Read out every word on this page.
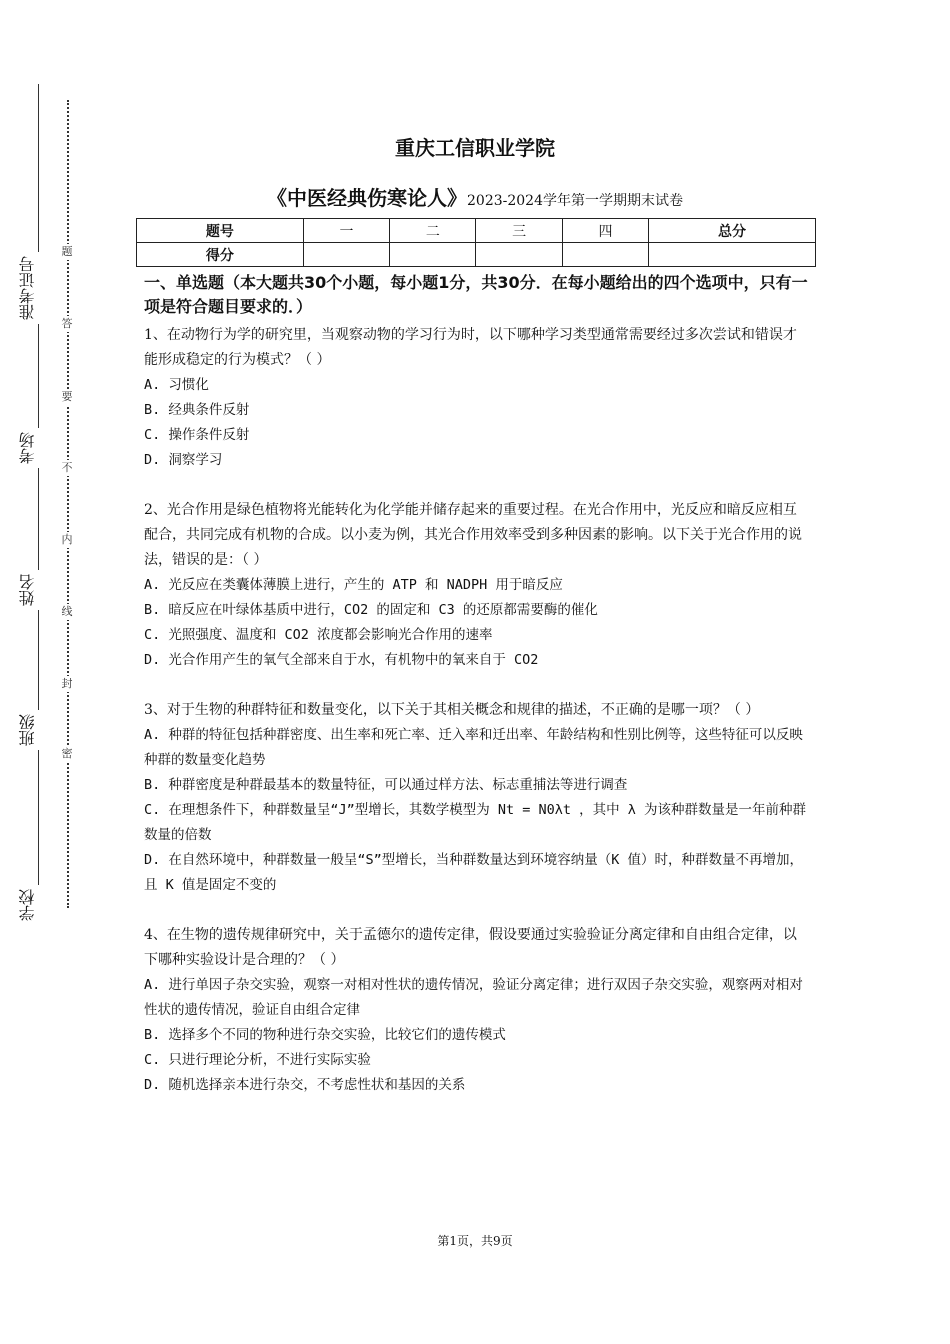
准考证号
考场
姓名
班级
学校
题
答
要
不
内
线
封
密
重庆工信职业学院
《中医经典伤寒论人》2023-2024学年第一学期期末试卷
题号	一	二	三	四	总分
得分					
一、单选题（本大题共30个小题，每小题1分，共30分．在每小题给出的四个选项中，只有一项是符合题目要求的．）

1、在动物行为学的研究里，当观察动物的学习行为时，以下哪种学习类型通常需要经过多次尝试和错误才能形成稳定的行为模式？（ ）

A. 习惯化

B. 经典条件反射

C. 操作条件反射

D. 洞察学习

2、光合作用是绿色植物将光能转化为化学能并储存起来的重要过程。在光合作用中，光反应和暗反应相互配合，共同完成有机物的合成。以小麦为例，其光合作用效率受到多种因素的影响。以下关于光合作用的说法，错误的是：（ ）

A. 光反应在类囊体薄膜上进行，产生的 ATP 和 NADPH 用于暗反应

B. 暗反应在叶绿体基质中进行，CO2 的固定和 C3 的还原都需要酶的催化

C. 光照强度、温度和 CO2 浓度都会影响光合作用的速率

D. 光合作用产生的氧气全部来自于水，有机物中的氧来自于 CO2

3、对于生物的种群特征和数量变化，以下关于其相关概念和规律的描述，不正确的是哪一项？（ ）

A. 种群的特征包括种群密度、出生率和死亡率、迁入率和迁出率、年龄结构和性别比例等，这些特征可以反映种群的数量变化趋势

B. 种群密度是种群最基本的数量特征，可以通过样方法、标志重捕法等进行调查

C. 在理想条件下，种群数量呈“J”型增长，其数学模型为 Nt = N0λt ，其中 λ 为该种群数量是一年前种群数量的倍数

D. 在自然环境中，种群数量一般呈“S”型增长，当种群数量达到环境容纳量（K 值）时，种群数量不再增加，且 K 值是固定不变的

4、在生物的遗传规律研究中，关于孟德尔的遗传定律，假设要通过实验验证分离定律和自由组合定律，以下哪种实验设计是合理的？（ ）

A. 进行单因子杂交实验，观察一对相对性状的遗传情况，验证分离定律；进行双因子杂交实验，观察两对相对性状的遗传情况，验证自由组合定律

B. 选择多个不同的物种进行杂交实验，比较它们的遗传模式

C. 只进行理论分析，不进行实际实验

D. 随机选择亲本进行杂交，不考虑性状和基因的关系

第1页，共9页
